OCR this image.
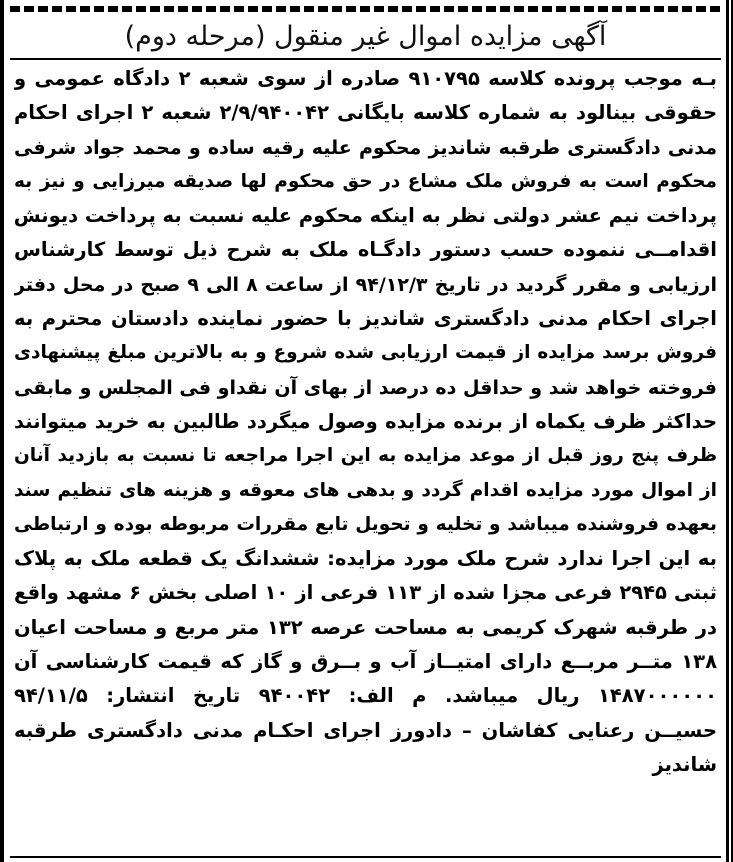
آگهی مزایده اموال غیر منقول (مرحله دوم)
بـه موجب پرونده کلاسه ۹۱۰۷۹۵ صادره از سوی شعبه ۲ دادگاه عمومی و
حقوقی بینالود به شماره کلاسه بایگانی ۲/۹/۹۴۰۰۴۲ شعبه ۲ اجرای احکام
مدنی دادگستری طرقبه شاندیز محکوم علیه رقیه ساده و محمد جواد شرفی
محکوم است به فروش ملک مشاع در حق محکوم لها صدیقه میرزایی و نیز به
پرداخت نیم عشر دولتی نظر به اینکه محکوم علیه نسبت به پرداخت دیونش
اقدامــی ننموده حسب دستور دادگـاه ملک به شرح ذیل توسط کارشناس
ارزیابی و مقرر گردید در تاریخ ۹۴/۱۲/۳ از ساعت ۸ الی ۹ صبح در محل دفتر
اجرای احکام مدنی دادگستری شاندیز با حضور نماینده دادستان محترم به
فروش برسد مزایده از قیمت ارزیابی شده شروع و به بالاترین مبلغ پیشنهادی
فروخته خواهد شد و حداقل ده درصد از بهای آن نقداو فی المجلس و مابقی
حداکثر ظرف یکماه از برنده مزایده وصول میگردد طالبین به خرید میتوانند
ظرف پنج روز قبل از موعد مزایده به این اجرا مراجعه تا نسبت به بازدید آنان
از اموال مورد مزایده اقدام گردد و بدهی های معوقه و هزینه های تنظیم سند
بعهده فروشنده میباشد و تخلیه و تحویل تابع مقررات مربوطه بوده و ارتباطی
به این اجرا ندارد شرح ملک مورد مزایده: ششدانگ یک قطعه ملک به پلاک
ثبتی ۲۹۴۵ فرعی مجزا شده از ۱۱۳ فرعی از ۱۰ اصلی بخش ۶ مشهد واقع
در طرقبه شهرک کریمی به مساحت عرصه ۱۳۲ متر مربع و مساحت اعیان
۱۳۸ متــر مربــع دارای امتیــاز آب و بــرق و گاز که قیمت کارشناسی آن
۱۴۸۷۰۰۰۰۰۰ ریال میباشد. م الف: ۹۴۰۰۴۲ تاریخ انتشار: ۹۴/۱۱/۵
حسیــن رعنایی کفاشان – دادورز اجرای احکـام مدنی دادگستری طرقبه
شاندیز
